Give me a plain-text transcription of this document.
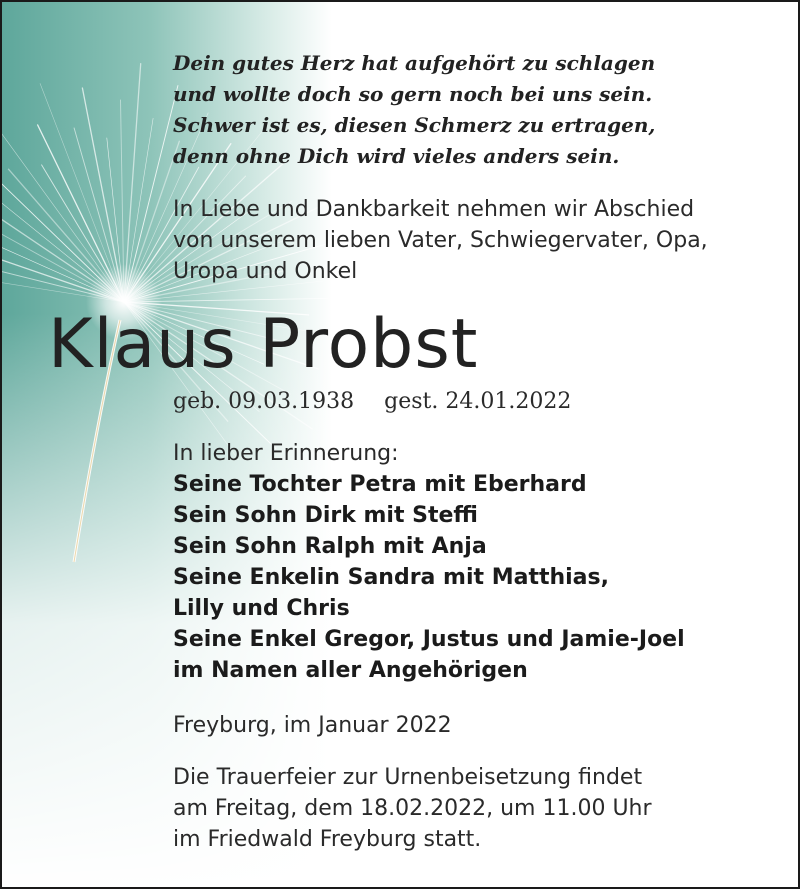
Dein gutes Herz hat aufgehört zu schlagen
und wollte doch so gern noch bei uns sein.
Schwer ist es, diesen Schmerz zu ertragen,
denn ohne Dich wird vieles anders sein.
In Liebe und Dankbarkeit nehmen wir Abschied
von unserem lieben Vater, Schwiegervater, Opa,
Uropa und Onkel
Klaus Probst
geb. 09.03.1938 gest. 24.01.2022
In lieber Erinnerung:
Seine Tochter Petra mit Eberhard
Sein Sohn Dirk mit Steffi
Sein Sohn Ralph mit Anja
Seine Enkelin Sandra mit Matthias,
Lilly und Chris
Seine Enkel Gregor, Justus und Jamie-Joel
im Namen aller Angehörigen
Freyburg, im Januar 2022
Die Trauerfeier zur Urnenbeisetzung findet
am Freitag, dem 18.02.2022, um 11.00 Uhr
im Friedwald Freyburg statt.
